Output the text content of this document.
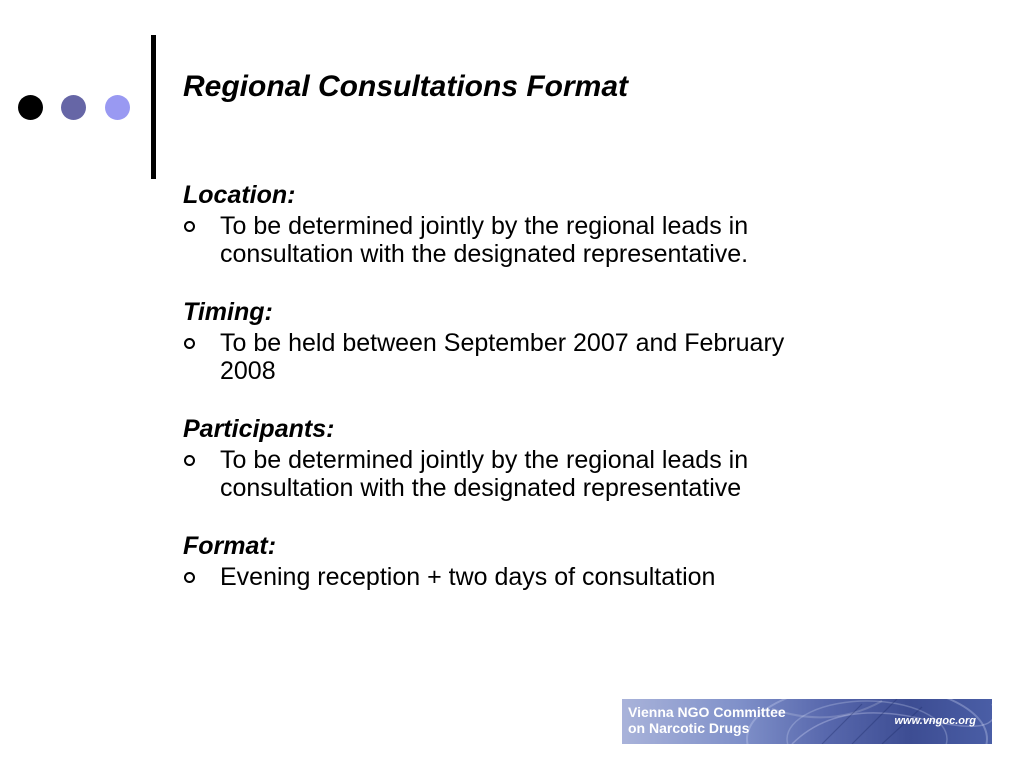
Regional Consultations Format
Location:
To be determined jointly by the regional leads in
consultation with the designated representative.
Timing:
To be held between September 2007 and February
2008
Participants:
To be determined jointly by the regional leads in
consultation with the designated representative
Format:
Evening reception + two days of consultation
Vienna NGO Committee
on Narcotic Drugs	www.vngoc.org
